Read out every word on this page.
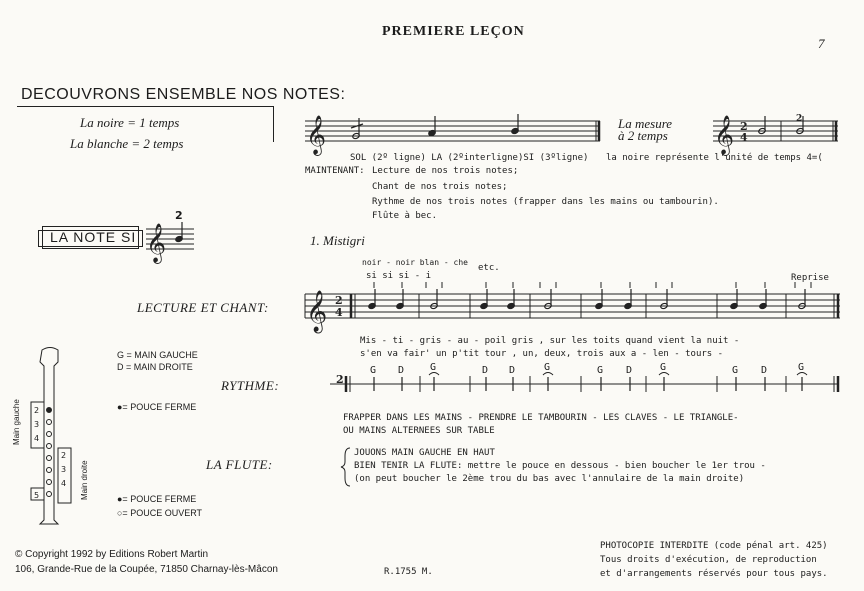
PREMIERE LEÇON
7
DECOUVRONS ENSEMBLE NOS NOTES:
La noire = 1 temps
La blanche = 2 temps
LA NOTE SI
2
LECTURE ET CHANT:
RYTHME:
LA FLUTE:
G = MAIN GAUCHE
D = MAIN DROITE
●= POUCE FERME
●= POUCE FERME
○= POUCE OUVERT
Main gauche
Main droite
SOL (2º ligne) LA (2ºinterligne)SI (3ºligne)
La mesure
à 2 temps
la noire représente l'unité de temps 4=(
MAINTENANT: Lecture de nos trois notes;
Chant de nos trois notes;
Rythme de nos trois notes (frapper dans les mains ou tambourin).
Flûte à bec.
1. Mistigri
noir - noir blan - che
si si si - i
etc.
Reprise
Mis - ti - gris - au - poil gris , sur les toits quand vient la nuit -
s'en va fair' un p'tit tour , un, deux, trois aux a - len - tours -
FRAPPER DANS LES MAINS - PRENDRE LE TAMBOURIN - LES CLAVES - LE TRIANGLE-
OU MAINS ALTERNEES SUR TABLE
JOUONS MAIN GAUCHE EN HAUT
BIEN TENIR LA FLUTE: mettre le pouce en dessous - bien boucher le 1er trou -
(on peut boucher le 2ème trou du bas avec l'annulaire de la main droite)
© Copyright 1992 by Editions Robert Martin
106, Grande-Rue de la Coupée, 71850 Charnay-lès-Mâcon	R.1755 M.
PHOTOCOPIE INTERDITE (code pénal art. 425)
Tous droits d'exécution, de reproduction
et d'arrangements réservés pour tous pays.
2
3
4
2
3
4
5
𝄞	𝄞
𝄞
𝄞
2
4
2
4
2
2
G D	G	D D	G	G D	G	G D	G
